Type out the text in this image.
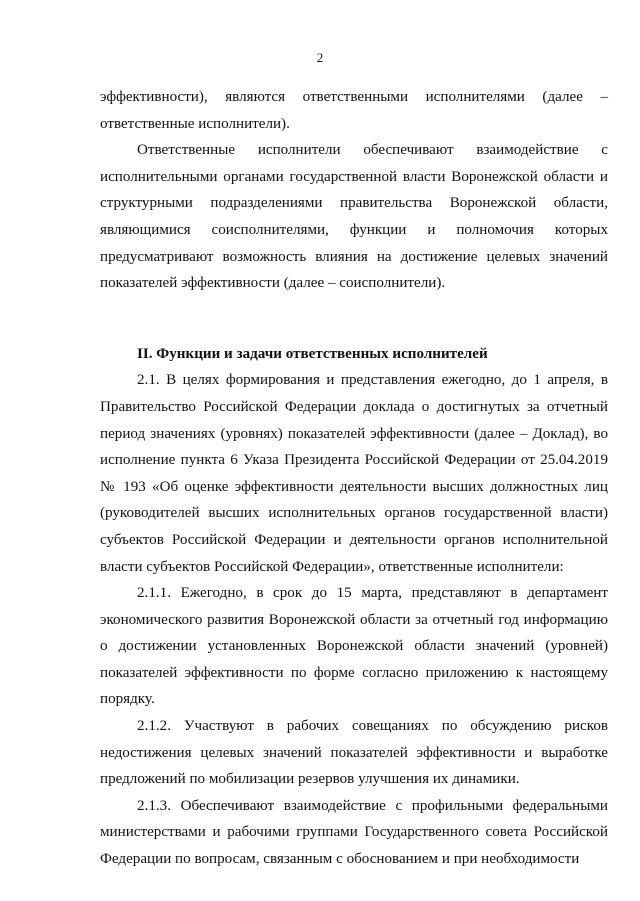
2

эффективности), являются ответственными исполнителями (далее – ответственные исполнители).

Ответственные исполнители обеспечивают взаимодействие с исполнительными органами государственной власти Воронежской области и структурными подразделениями правительства Воронежской области, являющимися соисполнителями, функции и полномочия которых предусматривают возможность влияния на достижение целевых значений показателей эффективности (далее – соисполнители).

II. Функции и задачи ответственных исполнителей

2.1. В целях формирования и представления ежегодно, до 1 апреля, в Правительство Российской Федерации доклада о достигнутых за отчетный период значениях (уровнях) показателей эффективности (далее – Доклад), во исполнение пункта 6 Указа Президента Российской Федерации от 25.04.2019 № 193 «Об оценке эффективности деятельности высших должностных лиц (руководителей высших исполнительных органов государственной власти) субъектов Российской Федерации и деятельности органов исполнительной власти субъектов Российской Федерации», ответственные исполнители:

2.1.1. Ежегодно, в срок до 15 марта, представляют в департамент экономического развития Воронежской области за отчетный год информацию о достижении установленных Воронежской области значений (уровней) показателей эффективности по форме согласно приложению к настоящему порядку.

2.1.2. Участвуют в рабочих совещаниях по обсуждению рисков недостижения целевых значений показателей эффективности и выработке предложений по мобилизации резервов улучшения их динамики.

2.1.3. Обеспечивают взаимодействие с профильными федеральными министерствами и рабочими группами Государственного совета Российской Федерации по вопросам, связанным с обоснованием и при необходимости
